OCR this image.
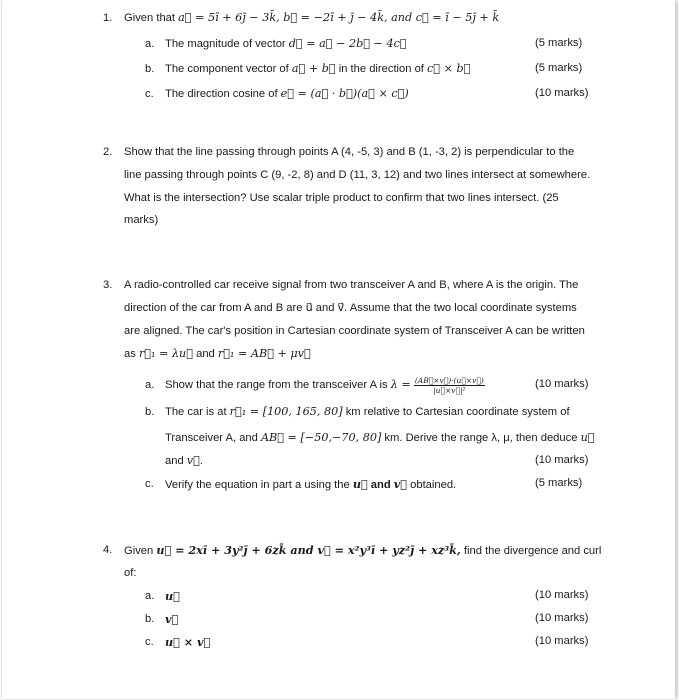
1. Given that a⃗ = 5ī + 6ȷ̄ − 3k̄, b⃗ = −2ī + ȷ̄ − 4k̄, and c⃗ = ī − 5ȷ̄ + k̄
a. The magnitude of vector d⃗ = a⃗ − 2b⃗ − 4c⃗	(5 marks)
b. The component vector of a⃗ + b⃗ in the direction of c⃗ × b⃗	(5 marks)
c. The direction cosine of e⃗ = (a⃗ · b⃗)(a⃗ × c⃗)	(10 marks)
2. Show that the line passing through points A (4, -5, 3) and B (1, -3, 2) is perpendicular to the
line passing through points C (9, -2, 8) and D (11, 3, 12) and two lines intersect at somewhere.
What is the intersection? Use scalar triple product to confirm that two lines intersect. (25
marks)
3. A radio-controlled car receive signal from two transceiver A and B, where A is the origin. The
direction of the car from A and B are u⃗ and v⃗. Assume that the two local coordinate systems
are aligned. The car's position in Cartesian coordinate system of Transceiver A can be written
as r⃗₁ = λu⃗ and r⃗₁ = AB⃗ + μv⃗
a. Show that the range from the transceiver A is $\lambda = \frac{(AB⃗\times v⃗)\cdot(u⃗\times v⃗)}{\text{|u⃗×v⃗|²}}$	(10 marks)
b. The car is at r⃗₁ = [100, 165, 80] km relative to Cartesian coordinate system of
Transceiver A, and AB⃗ = [−50,−70, 80] km. Derive the range λ, μ, then deduce u⃗
and v⃗.	(10 marks)
c. Verify the equation in part a using the u⃗ and v⃗ obtained.	(5 marks)
4. Given u⃗ = 2xī + 3y²ȷ̄ + 6zk̄ and v⃗ = x²y³ī + yz²ȷ̄ + xz³k̄, find the divergence and curl
of:
a. u⃗	(10 marks)
b. v⃗	(10 marks)
c. u⃗ × v⃗	(10 marks)
